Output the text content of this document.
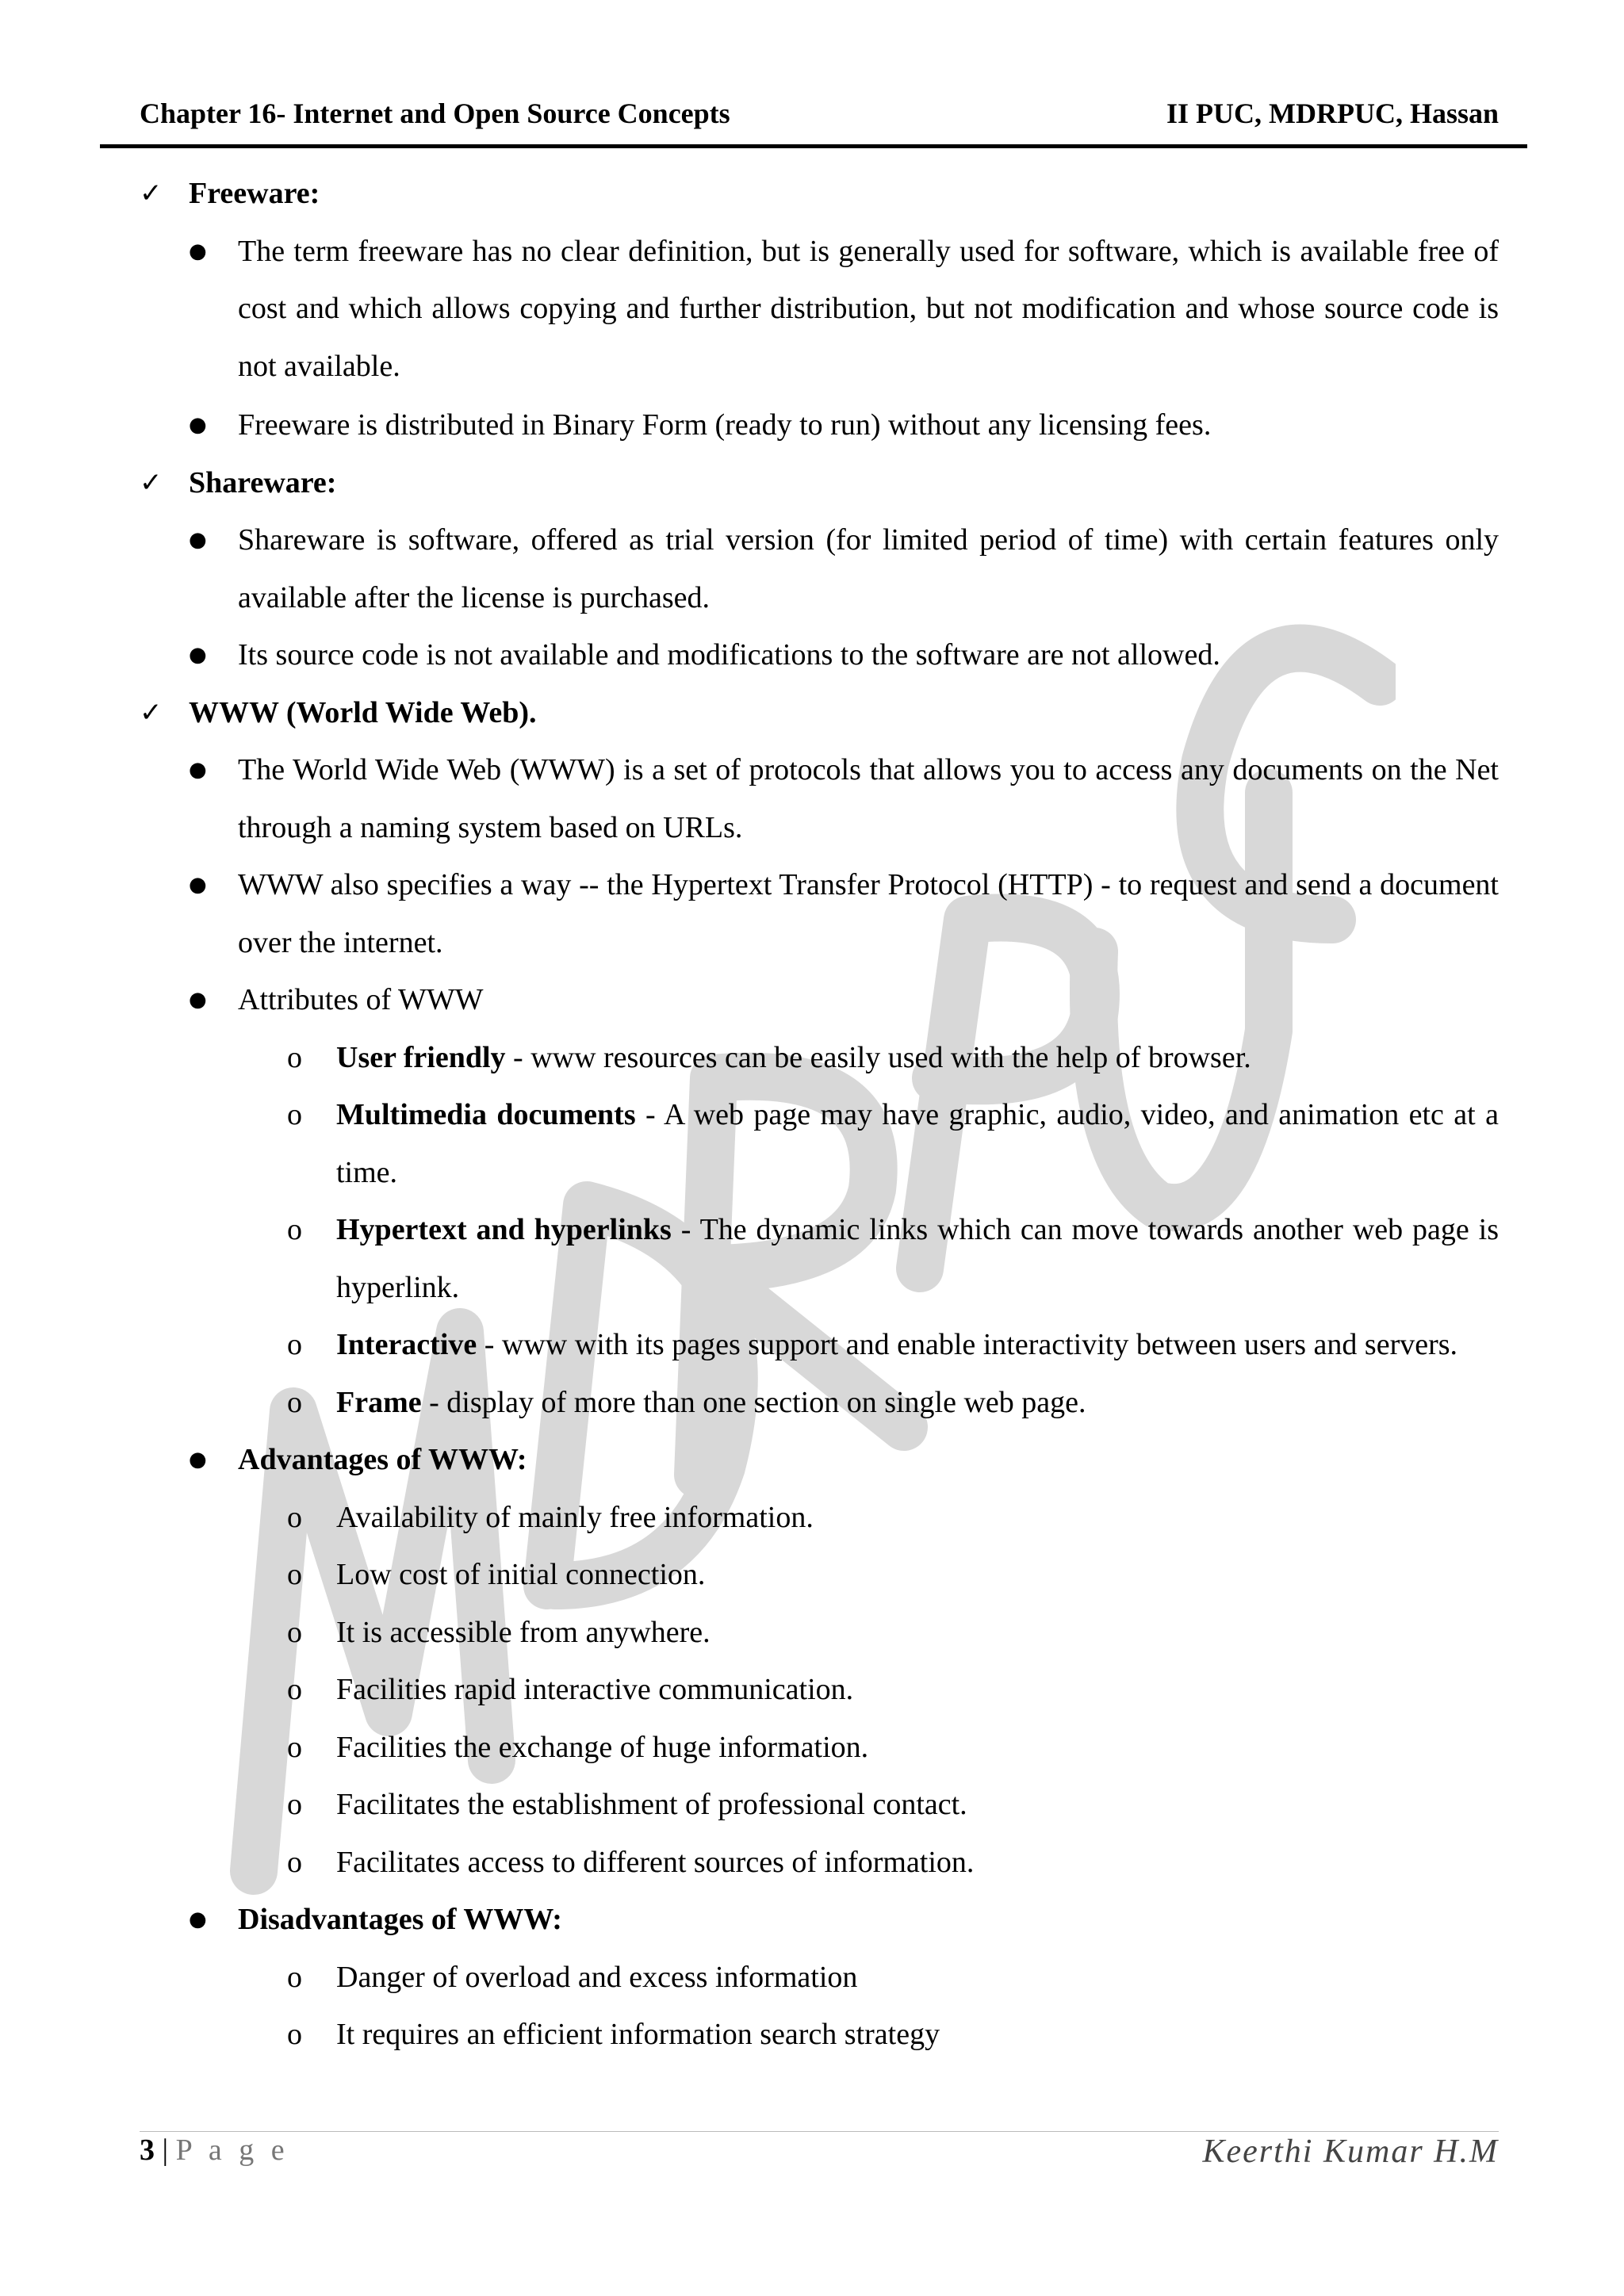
Chapter 16- Internet and Open Source Concepts	II PUC, MDRPUC, Hassan
✓ Freeware:
● The term freeware has no clear definition, but is generally used for software, which is available free of cost and which allows copying and further distribution, but not modification and whose source code is not available.
● Freeware is distributed in Binary Form (ready to run) without any licensing fees.
✓ Shareware:
● Shareware is software, offered as trial version (for limited period of time) with certain features only available after the license is purchased.
● Its source code is not available and modifications to the software are not allowed.
✓ WWW (World Wide Web).
● The World Wide Web (WWW) is a set of protocols that allows you to access any documents on the Net through a naming system based on URLs.
● WWW also specifies a way -- the Hypertext Transfer Protocol (HTTP) - to request and send a document over the internet.
● Attributes of WWW
o User friendly - www resources can be easily used with the help of browser.
o Multimedia documents - A web page may have graphic, audio, video, and animation etc at a time.
o Hypertext and hyperlinks - The dynamic links which can move towards another web page is hyperlink.
o Interactive - www with its pages support and enable interactivity between users and servers.
o Frame - display of more than one section on single web page.
● Advantages of WWW:
o Availability of mainly free information.
o Low cost of initial connection.
o It is accessible from anywhere.
o Facilities rapid interactive communication.
o Facilities the exchange of huge information.
o Facilitates the establishment of professional contact.
o Facilitates access to different sources of information.
● Disadvantages of WWW:
o Danger of overload and excess information
o It requires an efficient information search strategy
3 | P a g e	Keerthi Kumar H.M
